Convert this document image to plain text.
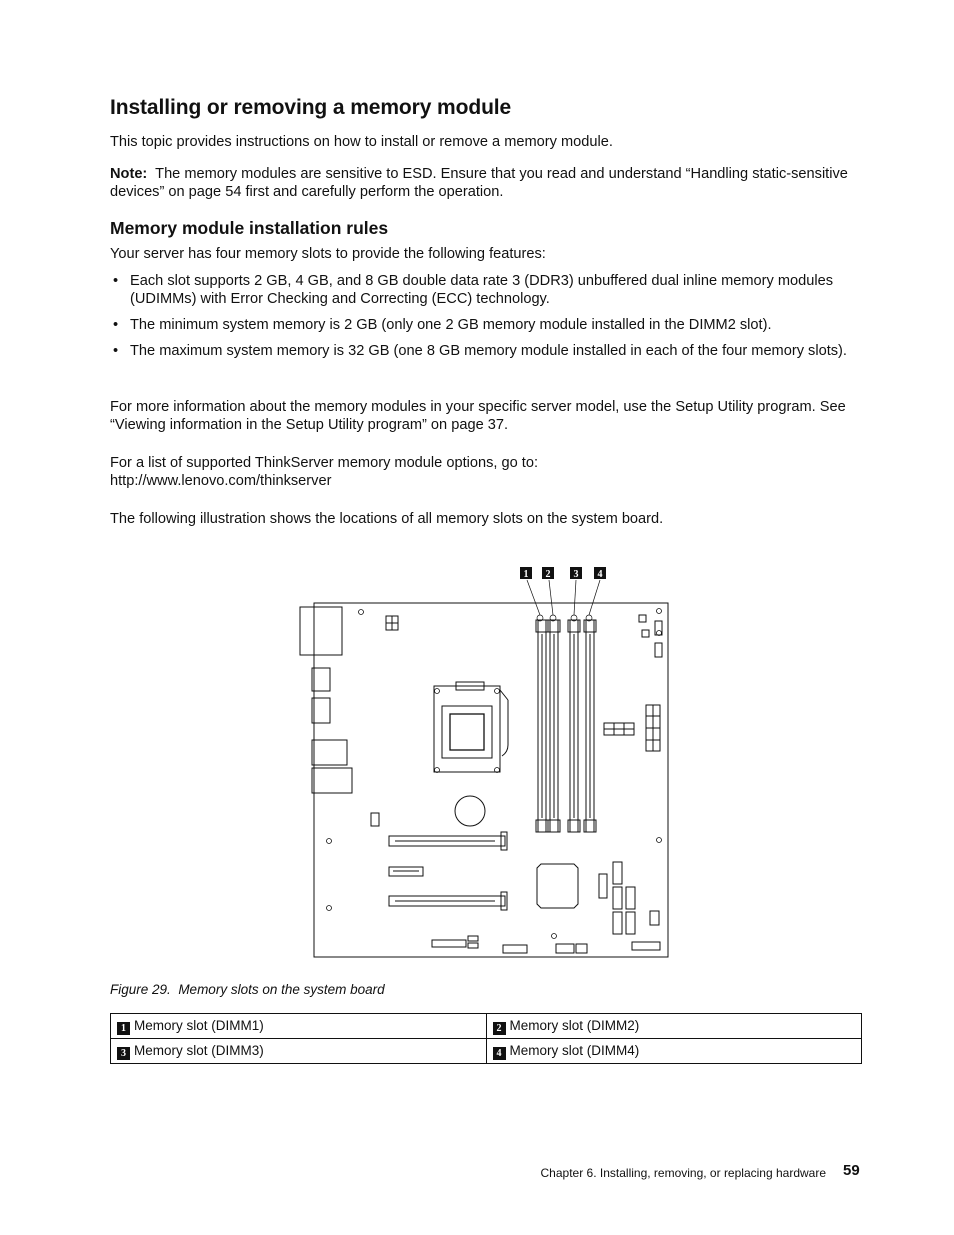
Installing or removing a memory module

This topic provides instructions on how to install or remove a memory module.

Note: The memory modules are sensitive to ESD. Ensure that you read and understand “Handling static-sensitive devices” on page 54 first and carefully perform the operation.

Memory module installation rules

Your server has four memory slots to provide the following features:

• Each slot supports 2 GB, 4 GB, and 8 GB double data rate 3 (DDR3) unbuffered dual inline memory modules (UDIMMs) with Error Checking and Correcting (ECC) technology.
• The minimum system memory is 2 GB (only one 2 GB memory module installed in the DIMM2 slot).
• The maximum system memory is 32 GB (one 8 GB memory module installed in each of the four memory slots).

For more information about the memory modules in your specific server model, use the Setup Utility program. See “Viewing information in the Setup Utility program” on page 37.

For a list of supported ThinkServer memory module options, go to:
http://www.lenovo.com/thinkserver

The following illustration shows the locations of all memory slots on the system board.

1 2 3 4
Figure 29. Memory slots on the system board
1 Memory slot (DIMM1)	2 Memory slot (DIMM2)
3 Memory slot (DIMM3)	4 Memory slot (DIMM4)
Chapter 6. Installing, removing, or replacing hardware 59
